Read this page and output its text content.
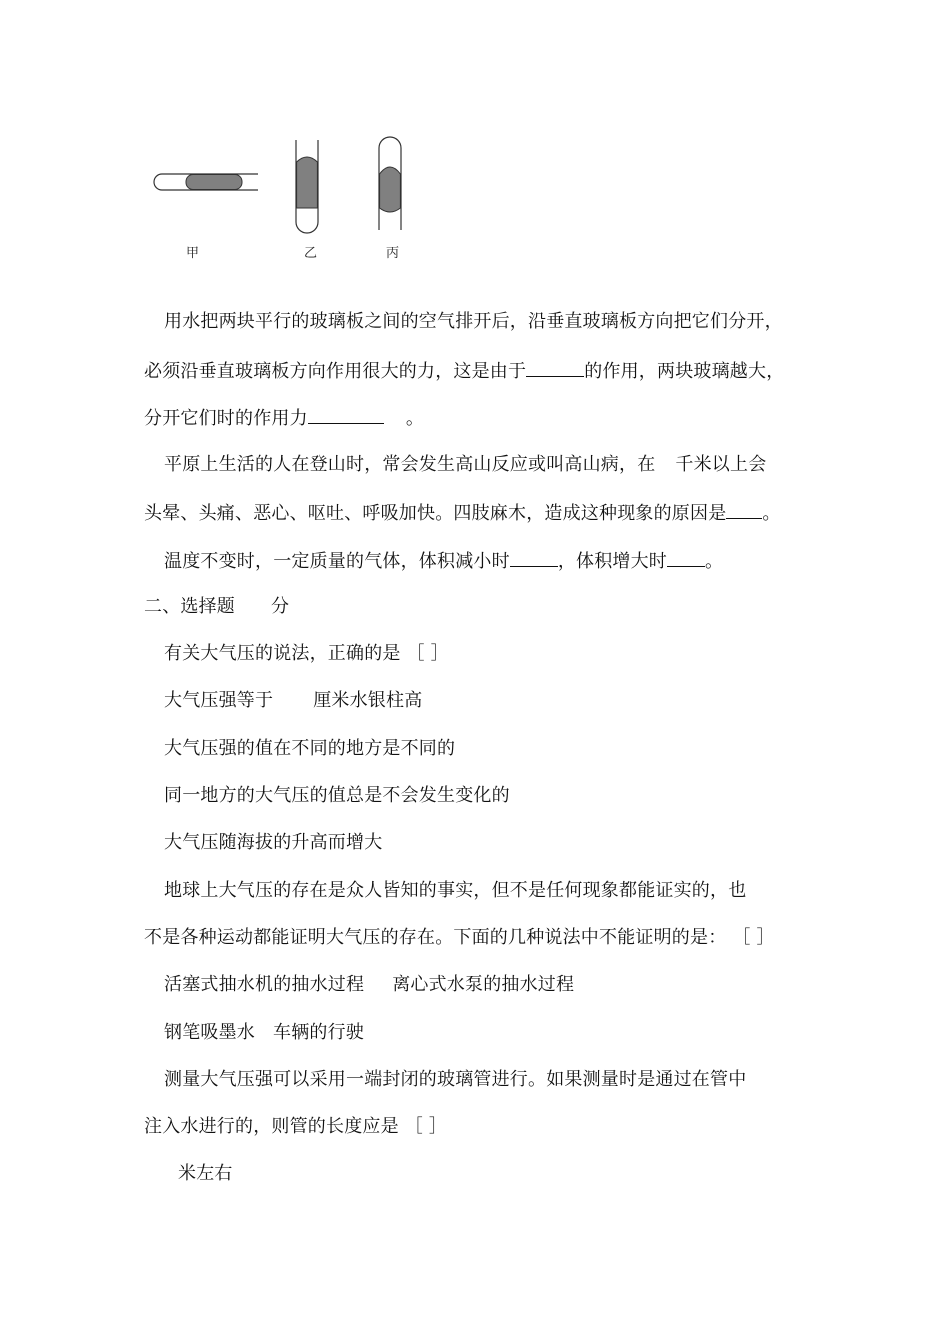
甲	乙	丙
用水把两块平行的玻璃板之间的空气排开后，沿垂直玻璃板方向把它们分开，
必须沿垂直玻璃板方向作用很大的力，这是由于	的作用，两块玻璃越大，
分开它们时的作用力	。
平原上生活的人在登山时，常会发生高山反应或叫高山病，在 千米以上会
头晕、头痛、恶心、呕吐、呼吸加快。四肢麻木，造成这种现象的原因是 。
温度不变时，一定质量的气体，体积减小时	，体积增大时 。
二、选择题 分
有关大气压的说法，正确的是 ［ ］
大气压强等于 厘米水银柱高
大气压强的值在不同的地方是不同的
同一地方的大气压的值总是不会发生变化的
大气压随海拔的升高而增大
地球上大气压的存在是众人皆知的事实，但不是任何现象都能证实的，也
不是各种运动都能证明大气压的存在。下面的几种说法中不能证明的是： ［ ］
活塞式抽水机的抽水过程 离心式水泵的抽水过程
钢笔吸墨水 车辆的行驶
测量大气压强可以采用一端封闭的玻璃管进行。如果测量时是通过在管中
注入水进行的，则管的长度应是 ［ ］
米左右
